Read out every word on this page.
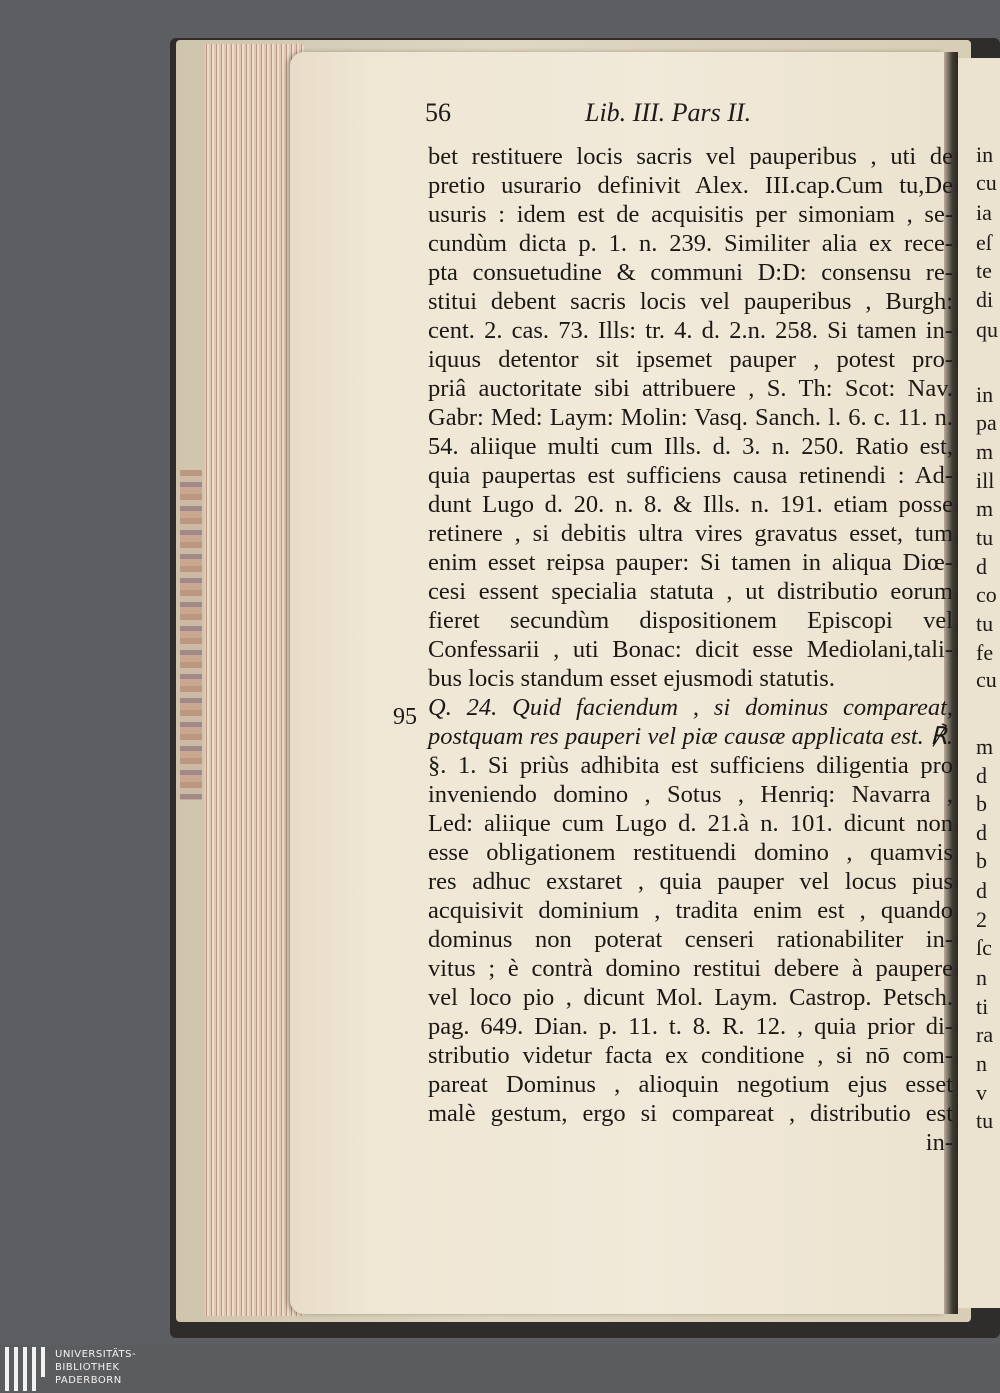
in
cu
ia
eſ
te
di
qu
in
pa
m
ill
m
tu
d
co
tu
fe
cu
m
d
b
d
b
d
2
ſc
n
ti
ra
n
v
tu
56	Lib. III. Pars II.
95
bet restituere locis sacris vel pauperibus , uti de
pretio usurario definivit Alex. III.cap.Cum tu,De
usuris : idem est de acquisitis per simoniam , se-
cundùm dicta p. 1. n. 239. Similiter alia ex rece-
pta consuetudine & communi D:D: consensu re-
stitui debent sacris locis vel pauperibus , Burgh:
cent. 2. cas. 73. Ills: tr. 4. d. 2.n. 258. Si tamen in-
iquus detentor sit ipsemet pauper , potest pro-
priâ auctoritate sibi attribuere , S. Th: Scot: Nav.
Gabr: Med: Laym: Molin: Vasq. Sanch. l. 6. c. 11. n.
54. aliique multi cum Ills. d. 3. n. 250. Ratio est,
quia paupertas est sufficiens causa retinendi : Ad-
dunt Lugo d. 20. n. 8. & Ills. n. 191. etiam posse
retinere , si debitis ultra vires gravatus esset, tum
enim esset reipsa pauper: Si tamen in aliqua Diœ-
cesi essent specialia statuta , ut distributio eorum
fieret secundùm dispositionem Episcopi vel
Confessarii , uti Bonac: dicit esse Mediolani,tali-
bus locis standum esset ejusmodi statutis.
Q. 24. Quid faciendum , si dominus compareat,
postquam res pauperi vel piæ causæ applicata est. ℟.
§. 1. Si priùs adhibita est sufficiens diligentia pro
inveniendo domino , Sotus , Henriq: Navarra ,
Led: aliique cum Lugo d. 21.à n. 101. dicunt non
esse obligationem restituendi domino , quamvis
res adhuc exstaret , quia pauper vel locus pius
acquisivit dominium , tradita enim est , quando
dominus non poterat censeri rationabiliter in-
vitus ; è contrà domino restitui debere à paupere
vel loco pio , dicunt Mol. Laym. Castrop. Petsch.
pag. 649. Dian. p. 11. t. 8. R. 12. , quia prior di-
stributio videtur facta ex conditione , si nō com-
pareat Dominus , alioquin negotium ejus esset
malè gestum, ergo si compareat , distributio est
in-
UNIVERSITÄTS-
BIBLIOTHEK
PADERBORN
